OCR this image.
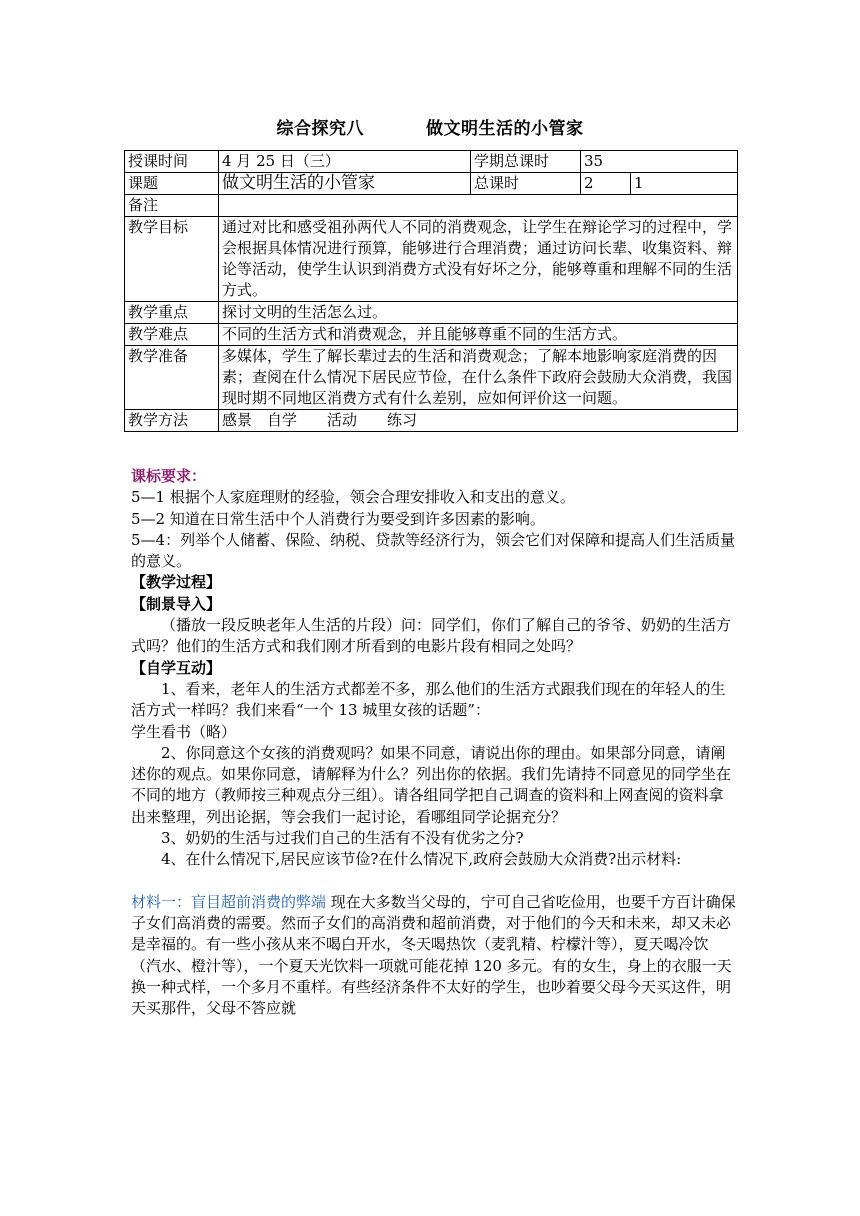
综合探究八	做文明生活的小管家
授课时间	4 月 25 日（三）	学期总课时	35	
课题	做文明生活的小管家	总课时	2	1
备注				
教学目标	通过对比和感受祖孙两代人不同的消费观念，让学生在辩论学习的过程中，学会根据具体情况进行预算，能够进行合理消费；通过访问长辈、收集资料、辩论等活动，使学生认识到消费方式没有好坏之分，能够尊重和理解不同的生活方式。			
教学重点	探讨文明的生活怎么过。			
教学难点	不同的生活方式和消费观念，并且能够尊重不同的生活方式。			
教学准备	多媒体，学生了解长辈过去的生活和消费观念；了解本地影响家庭消费的因素；查阅在什么情况下居民应节俭，在什么条件下政府会鼓励大众消费，我国现时期不同地区消费方式有什么差别，应如何评价这一问题。			
教学方法	感景　自学　　活动　　练习			

课标要求：

5—1 根据个人家庭理财的经验，领会合理安排收入和支出的意义。

5—2 知道在日常生活中个人消费行为要受到许多因素的影响。

5—4：列举个人储蓄、保险、纳税、贷款等经济行为，领会它们对保障和提高人们生活质量的意义。

【教学过程】

【制景导入】

（播放一段反映老年人生活的片段）问：同学们，你们了解自己的爷爷、奶奶的生活方式吗？他们的生活方式和我们刚才所看到的电影片段有相同之处吗？

【自学互动】

1、看来，老年人的生活方式都差不多，那么他们的生活方式跟我们现在的年轻人的生活方式一样吗？我们来看“一个 13 城里女孩的话题”：

学生看书（略）

2、你同意这个女孩的消费观吗？如果不同意，请说出你的理由。如果部分同意，请阐述你的观点。如果你同意，请解释为什么？列出你的依据。我们先请持不同意见的同学坐在不同的地方（教师按三种观点分三组）。请各组同学把自己调查的资料和上网查阅的资料拿出来整理，列出论据，等会我们一起讨论，看哪组同学论据充分？

3、奶奶的生活与过我们自己的生活有不没有优劣之分?

4、在什么情况下,居民应该节俭?在什么情况下,政府会鼓励大众消费?出示材料:

材料一：盲目超前消费的弊端 现在大多数当父母的，宁可自己省吃俭用，也要千方百计确保子女们高消费的需要。然而子女们的高消费和超前消费，对于他们的今天和未来，却又未必是幸福的。有一些小孩从来不喝白开水，冬天喝热饮（麦乳精、柠檬汁等），夏天喝冷饮（汽水、橙汁等），一个夏天光饮料一项就可能花掉 120 多元。有的女生，身上的衣服一天换一种式样，一个多月不重样。有些经济条件不太好的学生，也吵着要父母今天买这件，明天买那件，父母不答应就
